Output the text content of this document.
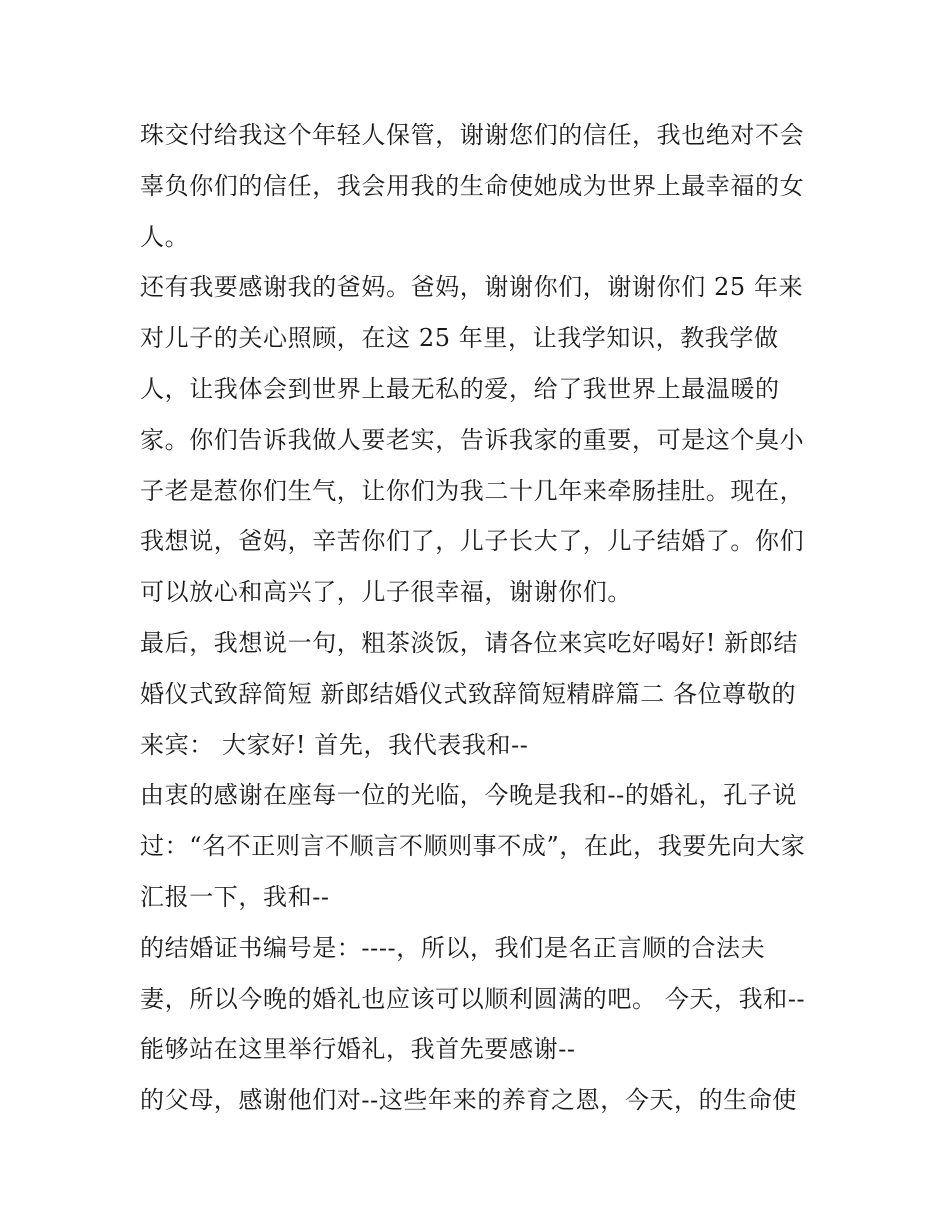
珠交付给我这个年轻人保管，谢谢您们的信任，我也绝对不会
辜负你们的信任，我会用我的生命使她成为世界上最幸福的女
人。
还有我要感谢我的爸妈。爸妈，谢谢你们，谢谢你们 25 年来
对儿子的关心照顾，在这 25 年里，让我学知识，教我学做
人，让我体会到世界上最无私的爱，给了我世界上最温暖的
家。你们告诉我做人要老实，告诉我家的重要，可是这个臭小
子老是惹你们生气，让你们为我二十几年来牵肠挂肚。现在，
我想说，爸妈，辛苦你们了，儿子长大了，儿子结婚了。你们
可以放心和高兴了，儿子很幸福，谢谢你们。
最后，我想说一句，粗茶淡饭，请各位来宾吃好喝好! 新郎结
婚仪式致辞简短 新郎结婚仪式致辞简短精辟篇二 各位尊敬的
来宾： 大家好! 首先，我代表我和--
由衷的感谢在座每一位的光临，今晚是我和--的婚礼，孔子说
过：“名不正则言不顺言不顺则事不成”，在此，我要先向大家
汇报一下，我和--
的结婚证书编号是：----，所以，我们是名正言顺的合法夫
妻，所以今晚的婚礼也应该可以顺利圆满的吧。 今天，我和--
能够站在这里举行婚礼，我首先要感谢--
的父母，感谢他们对--这些年来的养育之恩，今天，的生命使
